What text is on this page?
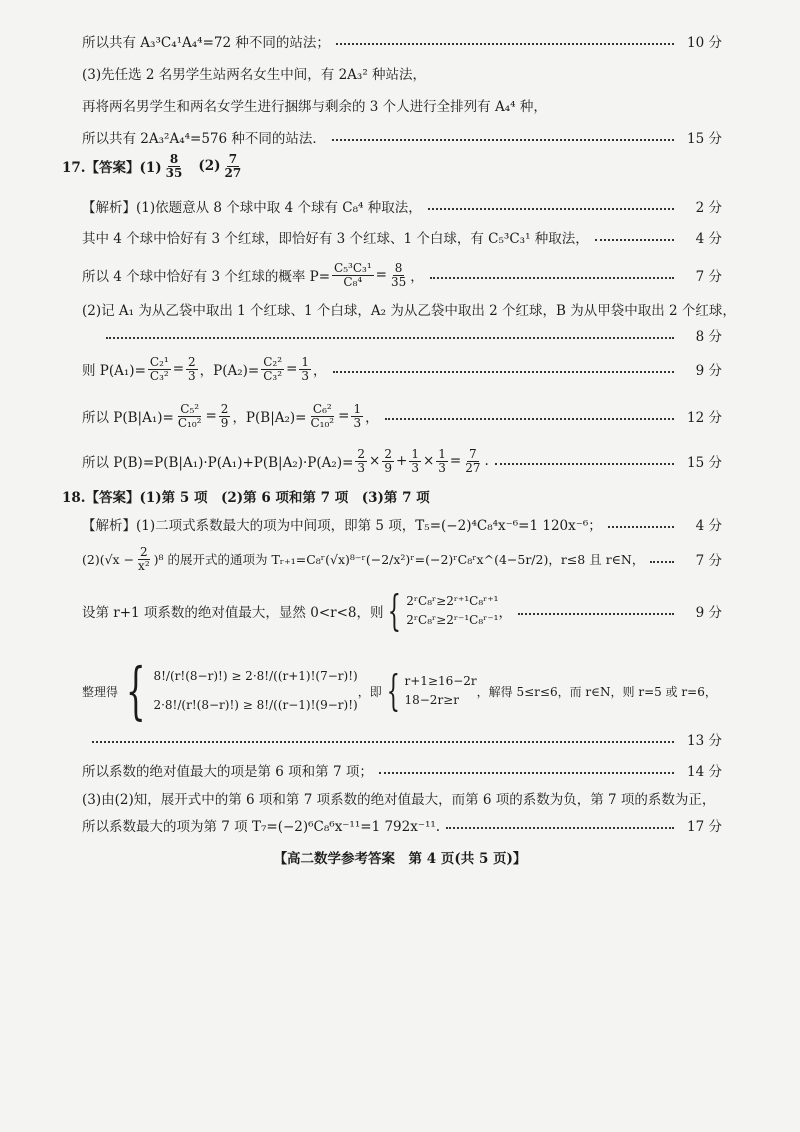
所以共有 A₃³C₄¹A₄⁴=72 种不同的站法；	10 分
(3)先任选 2 名男学生站两名女生中间，有 2A₃² 种站法，
再将两名男学生和两名女学生进行捆绑与剩余的 3 个人进行全排列有 A₄⁴ 种，
所以共有 2A₃²A₄⁴=576 种不同的站法．	15 分
17.【答案】$(1) \frac{8}{35} (2) \frac{7}{27}$
【解析】(1)依题意从 8 个球中取 4 个球有 C₈⁴ 种取法，	2 分
其中 4 个球中恰好有 3 个红球，即恰好有 3 个红球、1 个白球，有 C₅³C₃¹ 种取法，	4 分
所以 4 个球中恰好有 3 个红球的概率 $P= \frac{\text{C₅³C₃¹}}{\text{C₈⁴}} = \frac{8}{35}$ ，	7 分
(2)记 A₁ 为从乙袋中取出 1 个红球、1 个白球，A₂ 为从乙袋中取出 2 个红球，B 为从甲袋中取出 2 个红球，
8 分
则 $P(A_1)= \frac{\text{C₂¹}}{\text{C₃²}} = \frac{2}{3}$ ，$P(A_2)= \frac{\text{C₂²}}{\text{C₃²}} = \frac{1}{3}$ ，	9 分
所以 $P(B|A_1)= \frac{\text{C₅²}}{\text{C₁₀²}} = \frac{2}{9}$ ，$P(B|A_2)= \frac{\text{C₆²}}{\text{C₁₀²}} = \frac{1}{3}$ ，	12 分
所以 $P(B)=P(B|A_1)\cdot P(A_1)+P(B|A_2)\cdot P(A_2)= \frac{2}{3} \times \frac{2}{9} + \frac{1}{3} \times \frac{1}{3} = \frac{7}{27}$ .	15 分
18.【答案】(1)第 5 项　(2)第 6 项和第 7 项　(3)第 7 项
【解析】(1)二项式系数最大的项为中间项，即第 5 项，T₅=(−2)⁴C₈⁴x⁻⁶=1 120x⁻⁶；	4 分
$(2)(√x - \frac{2}{\text{x²}} )^8$ 的展开式的通项为 Tᵣ₊₁=C₈ʳ(√x)⁸⁻ʳ(−2/x²)ʳ=(−2)ʳC₈ʳx^(4−5r/2)，r≤8 且 r∈N，	7 分
设第 r+1 项系数的绝对值最大，显然 0<r<8，则 { 2ʳC₈ʳ≥2ʳ⁺¹C₈ʳ⁺¹
2ʳC₈ʳ≥2ʳ⁻¹C₈ʳ⁻¹ ，	9 分
整理得 { 8!/(r!(8−r)!) ≥ 2·8!/((r+1)!(7−r)!)
2·8!/(r!(8−r)!) ≥ 8!/((r−1)!(9−r)!)
，即 { r+1≥16−2r
18−2r≥r
，解得 5≤r≤6，而 r∈N，则 r=5 或 r=6，
13 分
所以系数的绝对值最大的项是第 6 项和第 7 项；	14 分
(3)由(2)知，展开式中的第 6 项和第 7 项系数的绝对值最大，而第 6 项的系数为负，第 7 项的系数为正，
所以系数最大的项为第 7 项 T₇=(−2)⁶C₈⁶x⁻¹¹=1 792x⁻¹¹.	17 分
【高二数学参考答案　第 4 页(共 5 页)】
